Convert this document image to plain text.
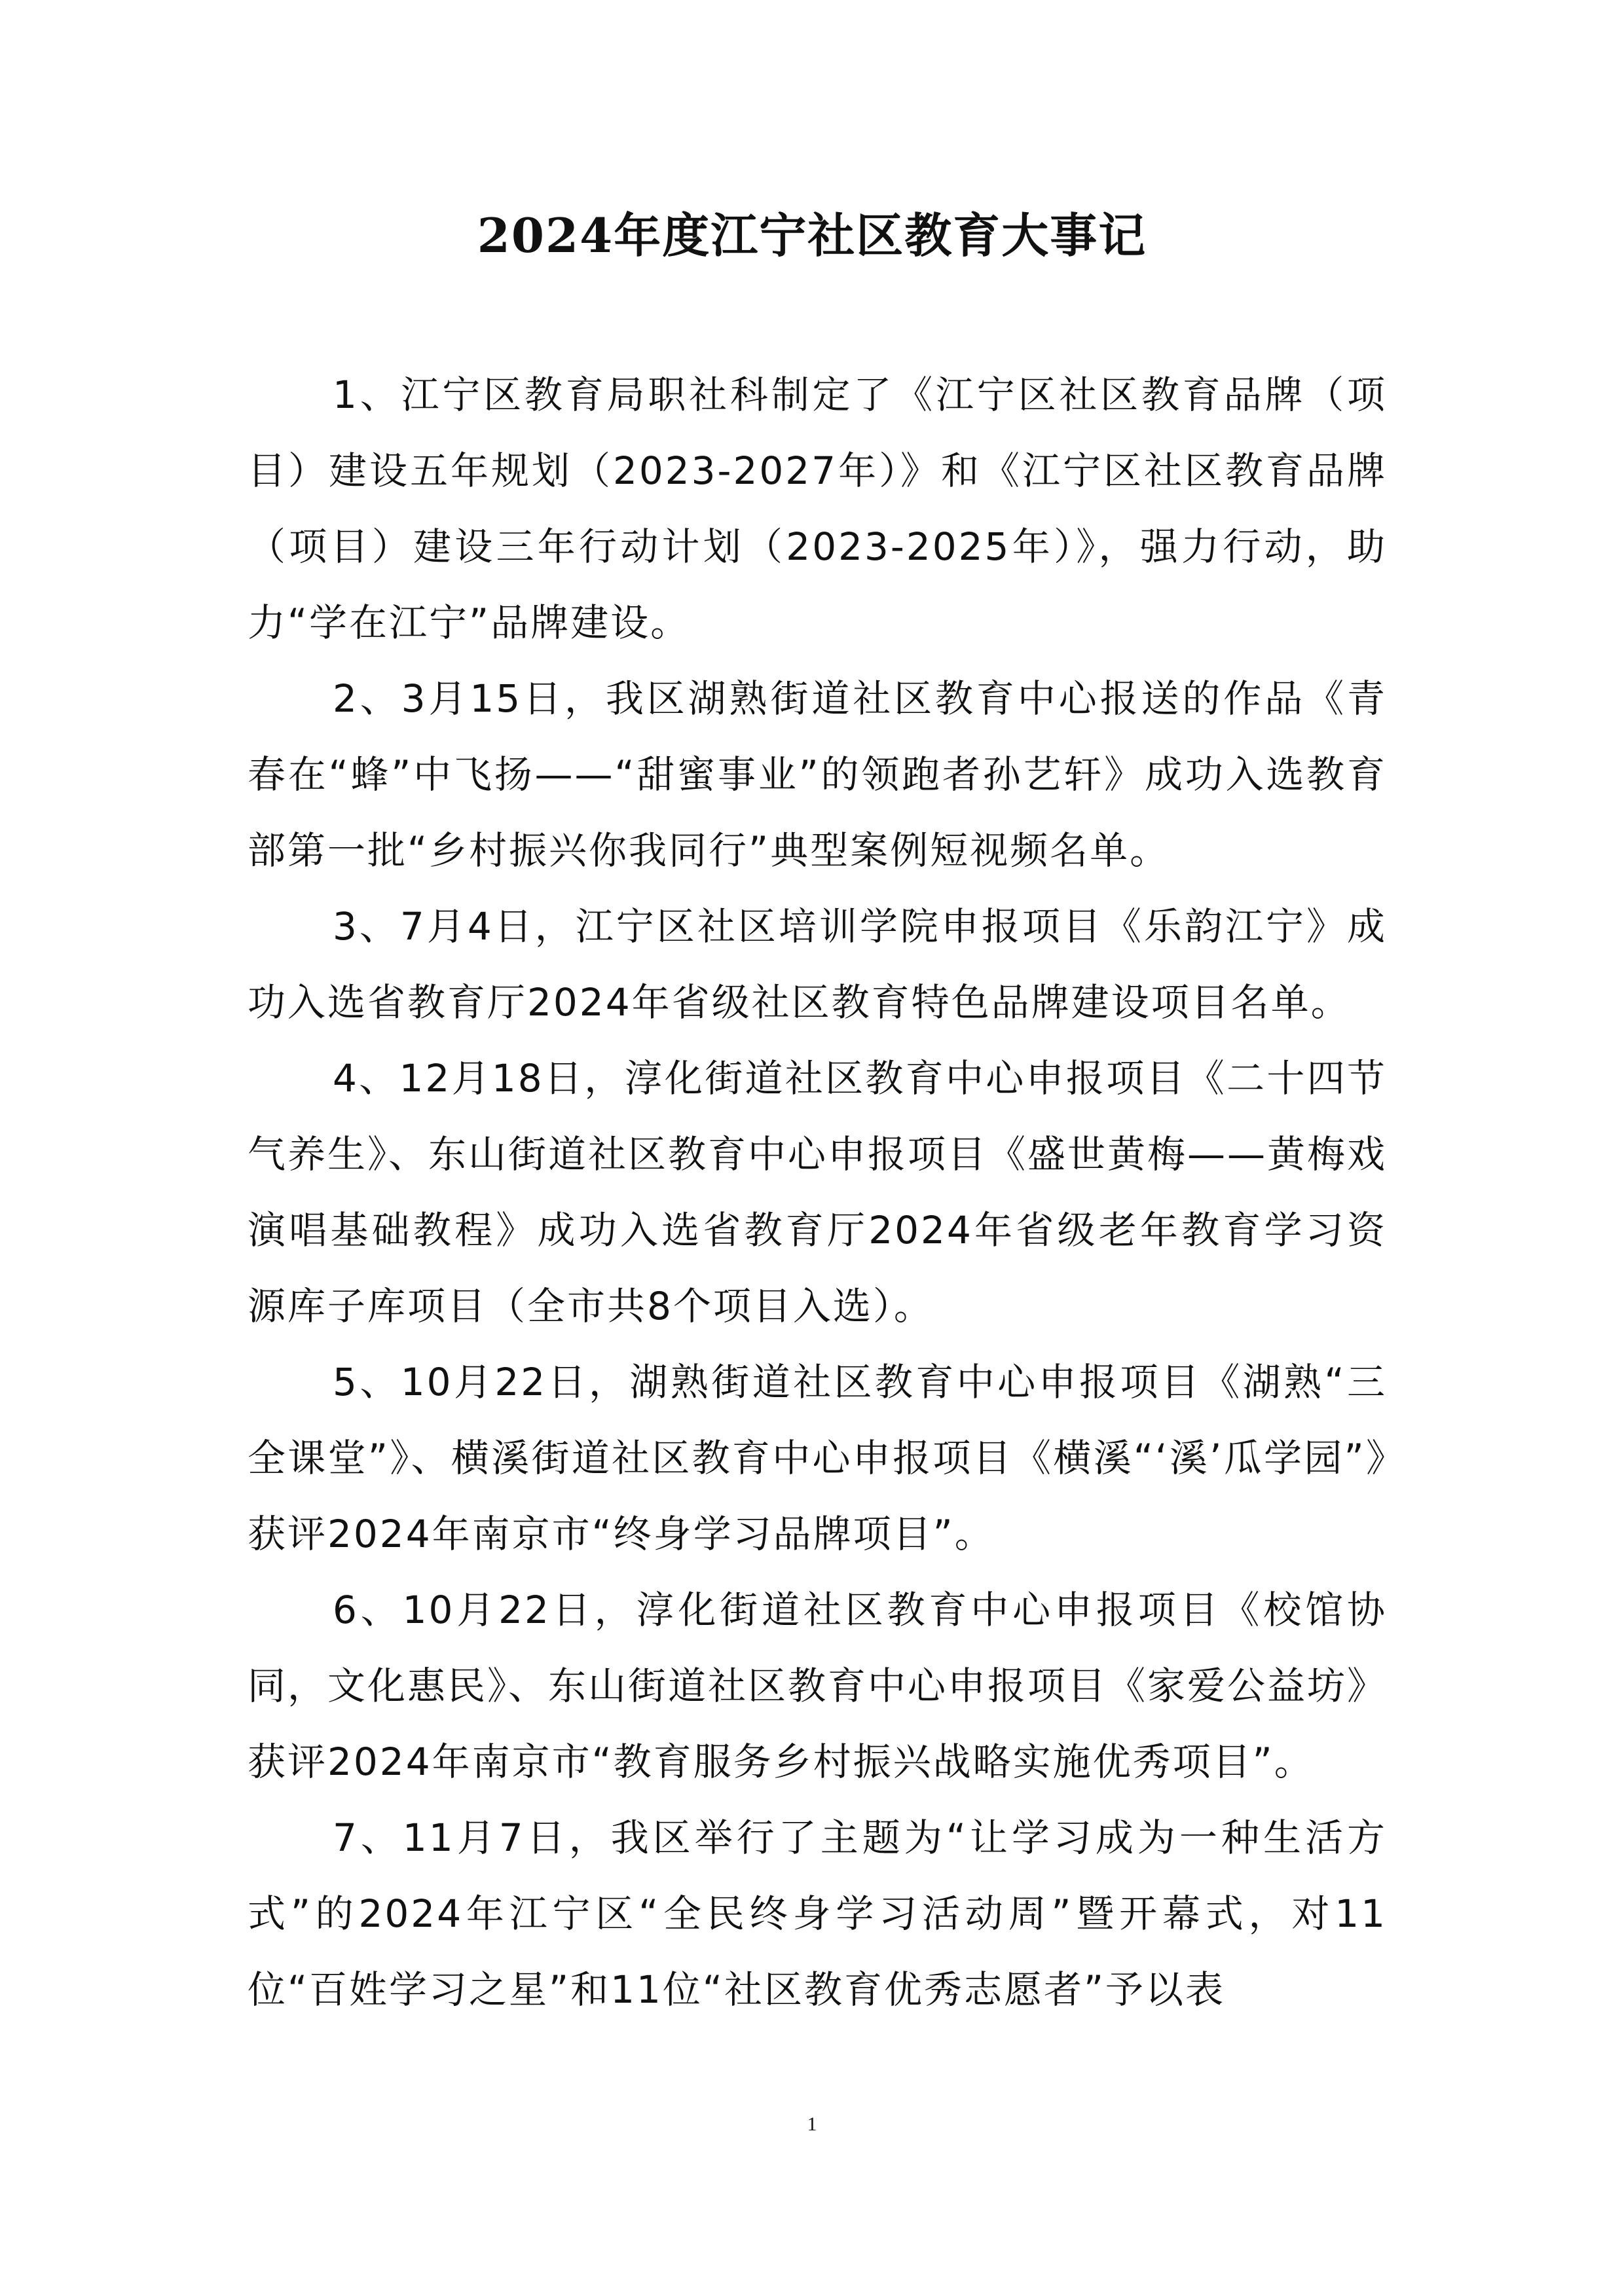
2024年度江宁社区教育大事记

1、江宁区教育局职社科制定了《江宁区社区教育品牌（项目）建设五年规划（2023-2027年）》和《江宁区社区教育品牌（项目）建设三年行动计划（2023-2025年）》，强力行动，助力“学在江宁”品牌建设。

2、3月15日，我区湖熟街道社区教育中心报送的作品《青春在“蜂”中飞扬——“甜蜜事业”的领跑者孙艺轩》成功入选教育部第一批“乡村振兴你我同行”典型案例短视频名单。

3、7月4日，江宁区社区培训学院申报项目《乐韵江宁》成功入选省教育厅2024年省级社区教育特色品牌建设项目名单。

4、12月18日，淳化街道社区教育中心申报项目《二十四节气养生》、东山街道社区教育中心申报项目《盛世黄梅——黄梅戏演唱基础教程》成功入选省教育厅2024年省级老年教育学习资源库子库项目（全市共8个项目入选）。

5、10月22日，湖熟街道社区教育中心申报项目《湖熟“三全课堂”》、横溪街道社区教育中心申报项目《横溪“‘溪’瓜学园”》获评2024年南京市“终身学习品牌项目”。

6、10月22日，淳化街道社区教育中心申报项目《校馆协同，文化惠民》、东山街道社区教育中心申报项目《家爱公益坊》获评2024年南京市“教育服务乡村振兴战略实施优秀项目”。

7、11月7日，我区举行了主题为“让学习成为一种生活方式”的2024年江宁区“全民终身学习活动周”暨开幕式，对11位“百姓学习之星”和11位“社区教育优秀志愿者”予以表

1
